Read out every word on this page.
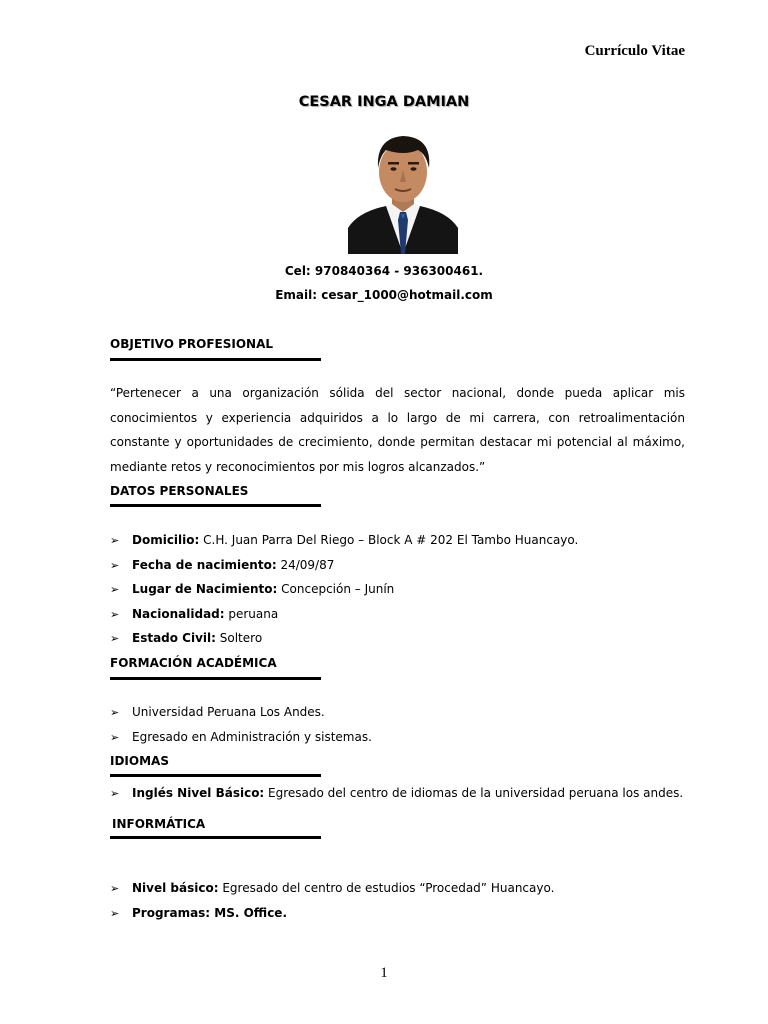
Currículo Vitae
CESAR INGA DAMIAN
Cel: 970840364 - 936300461.
Email: cesar_1000@hotmail.com
OBJETIVO PROFESIONAL
“Pertenecer a una organización sólida del sector nacional, donde pueda aplicar mis conocimientos y experiencia adquiridos a lo largo de mi carrera, con retroalimentación constante y oportunidades de crecimiento, donde permitan destacar mi potencial al máximo, mediante retos y reconocimientos por mis logros alcanzados.”
DATOS PERSONALES
➢	Domicilio: C.H. Juan Parra Del Riego – Block A # 202 El Tambo Huancayo.
➢	Fecha de nacimiento: 24/09/87
➢	Lugar de Nacimiento: Concepción – Junín
➢	Nacionalidad: peruana
➢	Estado Civil: Soltero
FORMACIÓN ACADÉMICA
➢	Universidad Peruana Los Andes.
➢	Egresado en Administración y sistemas.
IDIOMAS
➢	Inglés Nivel Básico: Egresado del centro de idiomas de la universidad peruana los andes.
INFORMÁTICA
➢	Nivel básico: Egresado del centro de estudios “Procedad” Huancayo.
➢	Programas: MS. Office.
1
